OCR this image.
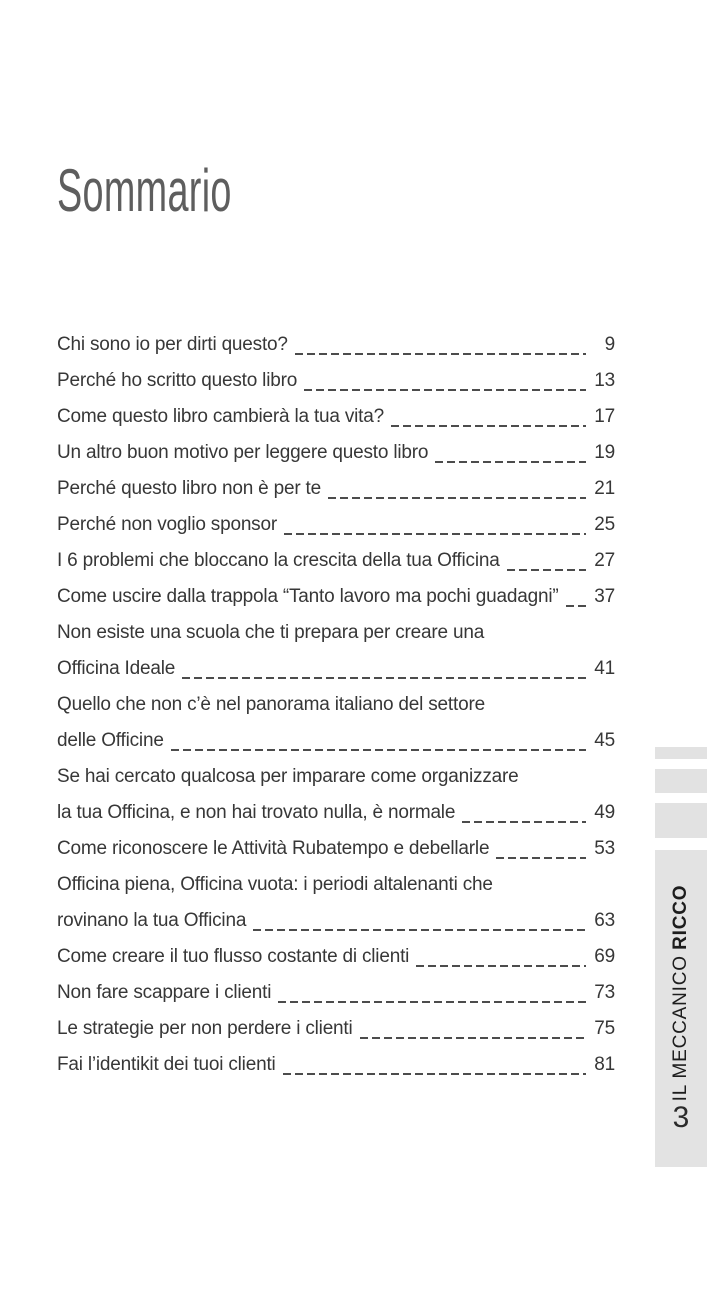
Sommario
Chi sono io per dirti questo?	9
Perché ho scritto questo libro	13
Come questo libro cambierà la tua vita?	17
Un altro buon motivo per leggere questo libro	19
Perché questo libro non è per te	21
Perché non voglio sponsor	25
I 6 problemi che bloccano la crescita della tua Officina	27
Come uscire dalla trappola “Tanto lavoro ma pochi guadagni” 37
Non esiste una scuola che ti prepara per creare una
Officina Ideale	41
Quello che non c’è nel panorama italiano del settore
delle Officine	45
Se hai cercato qualcosa per imparare come organizzare
la tua Officina, e non hai trovato nulla, è normale	49
Come riconoscere le Attività Rubatempo e debellarle	53
Officina piena, Officina vuota: i periodi altalenanti che
rovinano la tua Officina	63
Come creare il tuo flusso costante di clienti	69
Non fare scappare i clienti	73
Le strategie per non perdere i clienti	75
Fai l’identikit dei tuoi clienti	81	IL MECCANICORICCO
3
